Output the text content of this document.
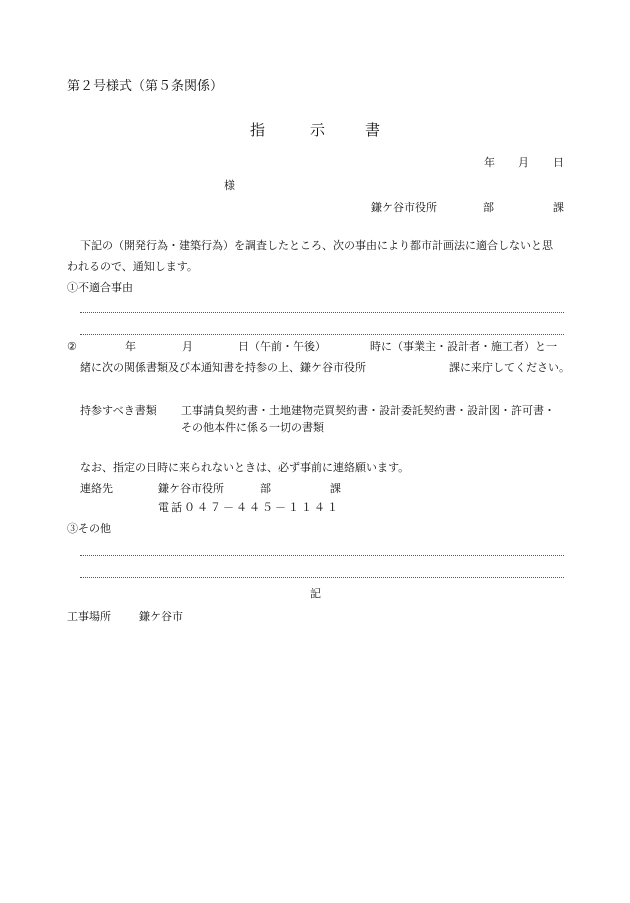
第２号様式（第５条関係）
指	示	書
年 月 日
様
鎌ケ谷市役所	部	課
下記の（開発行為・建築行為）を調査したところ、次の事由により都市計画法に適合しないと思
われるので、通知します。
①不適合事由
②	年	月	日（午前・午後）	時に（事業主・設計者・施工者）と一
緒に次の関係書類及び本通知書を持参の上、鎌ケ谷市役所	課に来庁してください。
持参すべき書類 工事請負契約書・土地建物売買契約書・設計委託契約書・設計図・許可書・
その他本件に係る一切の書類
なお、指定の日時に来られないときは、必ず事前に連絡願います。
連絡先	鎌ケ谷市役所	部	課
電話０４７－４４５－１１４１
③その他
記
工事場所	鎌ケ谷市
